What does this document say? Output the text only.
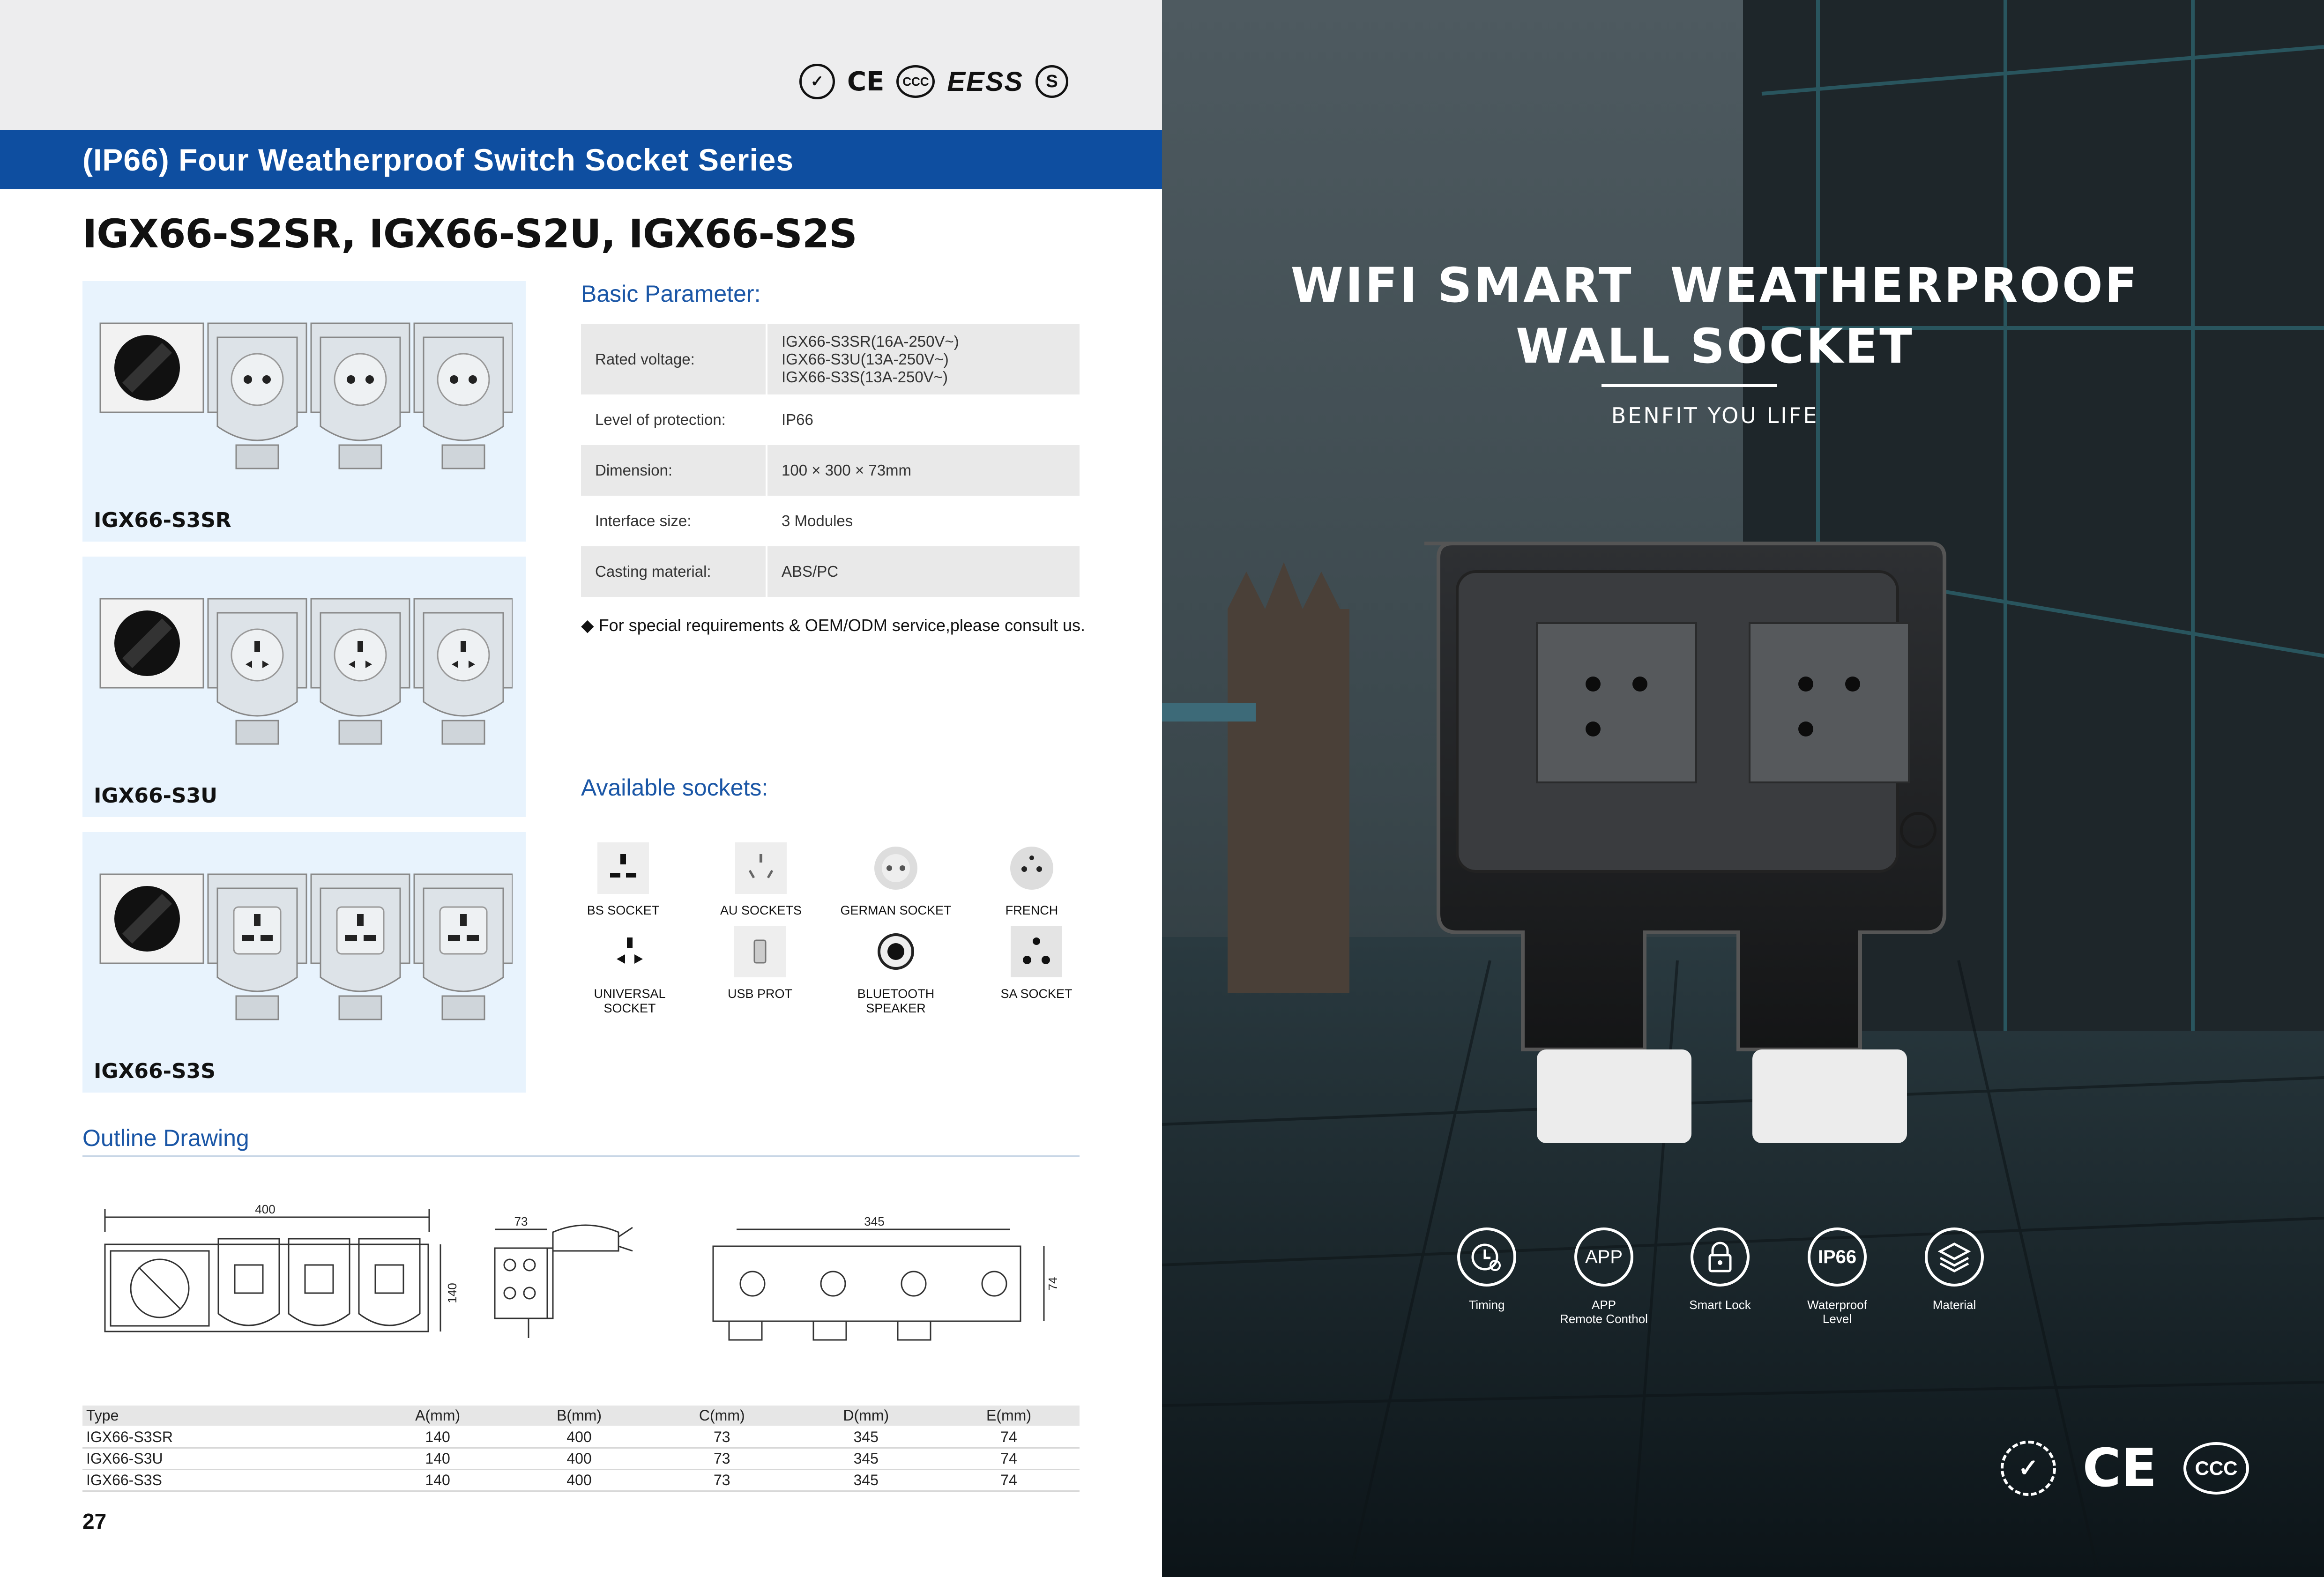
✓ CE	CCC EESS	S
(IP66) Four Weatherproof Switch Socket Series
IGX66-S2SR, IGX66-S2U, IGX66-S2S
IGX66-S3SR
IGX66-S3U
IGX66-S3S
Basic Parameter:
Rated voltage:	IGX66-S3SR(16A-250V~)
IGX66-S3U(13A-250V~)
IGX66-S3S(13A-250V~)
Level of protection:	IP66
Dimension:	100 × 300 × 73mm
Interface size:	3 Modules
Casting material:	ABS/PC
◆ For special requirements & OEM/ODM service,please consult us.
Available sockets:
BS SOCKET	AU SOCKETS	GERMAN SOCKET	FRENCH
UNIVERSAL SOCKET
USB PROT	BLUETOOTH SPEAKER
SA SOCKET
Outline Drawing
400
140
73	345
74
Type	A(mm)	B(mm)	C(mm)	D(mm)	E(mm)
IGX66-S3SR	140	400	73	345	74
IGX66-S3U	140	400	73	345	74
IGX66-S3S	140	400	73	345	74
27
WIFI SMART  WEATHERPROOF
WALL SOCKET
BENFIT YOU LIFE
Timing
APP
APP
Remote Conthol
Smart Lock
IP66
Waterproof
Level
Material
✓ CE	CCC
